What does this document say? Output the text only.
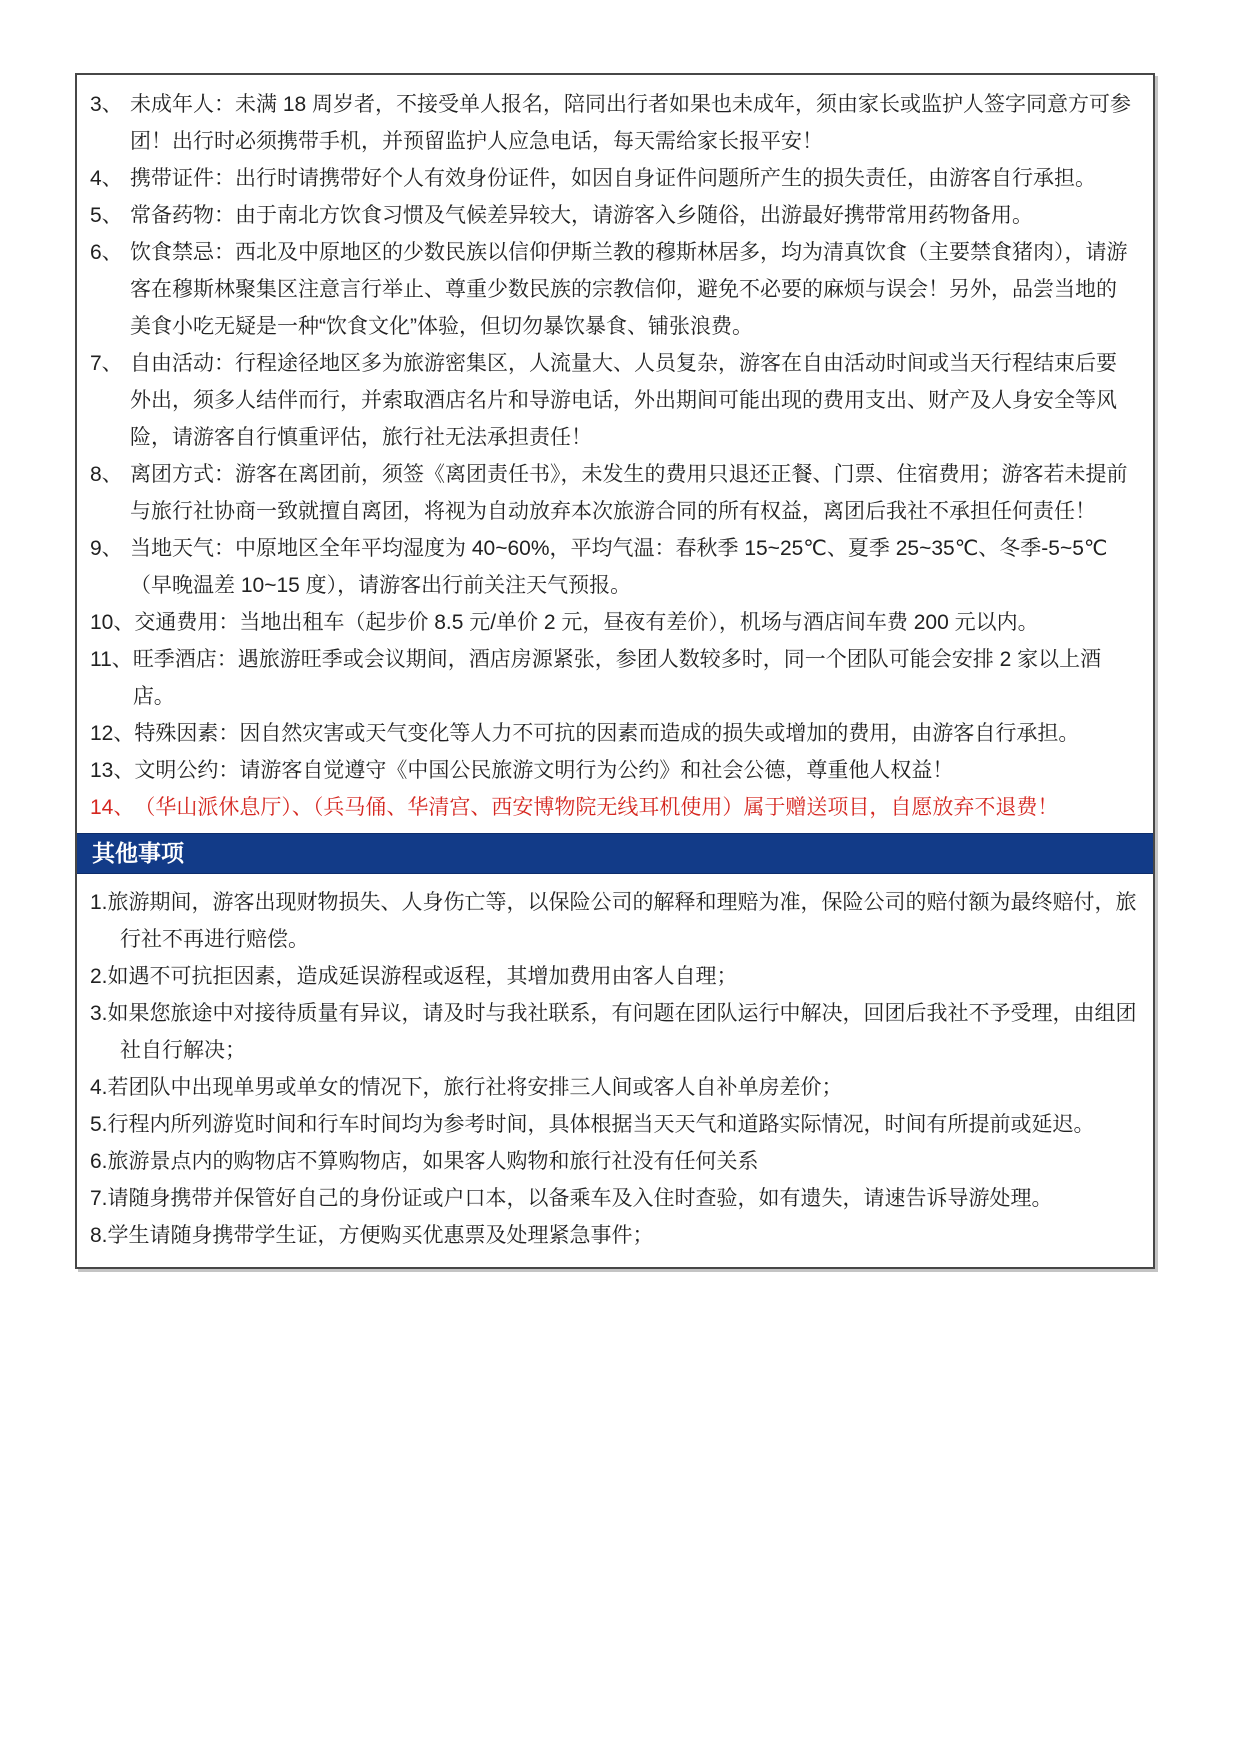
3、 未成年人：未满 18 周岁者，不接受单人报名，陪同出行者如果也未成年，须由家长或监护人签字同意方可参团！出行时必须携带手机，并预留监护人应急电话，每天需给家长报平安！
4、 携带证件：出行时请携带好个人有效身份证件，如因自身证件问题所产生的损失责任，由游客自行承担。
5、 常备药物：由于南北方饮食习惯及气候差异较大，请游客入乡随俗，出游最好携带常用药物备用。
6、 饮食禁忌：西北及中原地区的少数民族以信仰伊斯兰教的穆斯林居多，均为清真饮食（主要禁食猪肉），请游客在穆斯林聚集区注意言行举止、尊重少数民族的宗教信仰，避免不必要的麻烦与误会！另外，品尝当地的美食小吃无疑是一种“饮食文化”体验，但切勿暴饮暴食、铺张浪费。
7、 自由活动：行程途径地区多为旅游密集区，人流量大、人员复杂，游客在自由活动时间或当天行程结束后要外出，须多人结伴而行，并索取酒店名片和导游电话，外出期间可能出现的费用支出、财产及人身安全等风险，请游客自行慎重评估，旅行社无法承担责任！
8、 离团方式：游客在离团前，须签《离团责任书》，未发生的费用只退还正餐、门票、住宿费用；游客若未提前与旅行社协商一致就擅自离团，将视为自动放弃本次旅游合同的所有权益，离团后我社不承担任何责任！
9、 当地天气：中原地区全年平均湿度为 40~60%，平均气温：春秋季 15~25℃、夏季 25~35℃、冬季-5~5℃（早晚温差 10~15 度），请游客出行前关注天气预报。
10、 交通费用：当地出租车（起步价 8.5 元/单价 2 元，昼夜有差价），机场与酒店间车费 200 元以内。
11、 旺季酒店：遇旅游旺季或会议期间，酒店房源紧张，参团人数较多时，同一个团队可能会安排 2 家以上酒店。
12、 特殊因素：因自然灾害或天气变化等人力不可抗的因素而造成的损失或增加的费用，由游客自行承担。
13、 文明公约：请游客自觉遵守《中国公民旅游文明行为公约》和社会公德，尊重他人权益！
14、 （华山派休息厅）、（兵马俑、华清宫、西安博物院无线耳机使用）属于赠送项目，自愿放弃不退费！
其他事项
1.旅游期间，游客出现财物损失、人身伤亡等，以保险公司的解释和理赔为准，保险公司的赔付额为最终赔付，旅行社不再进行赔偿。
2.如遇不可抗拒因素，造成延误游程或返程，其增加费用由客人自理；
3.如果您旅途中对接待质量有异议，请及时与我社联系，有问题在团队运行中解决，回团后我社不予受理，由组团社自行解决；
4.若团队中出现单男或单女的情况下，旅行社将安排三人间或客人自补单房差价；
5.行程内所列游览时间和行车时间均为参考时间，具体根据当天天气和道路实际情况，时间有所提前或延迟。
6.旅游景点内的购物店不算购物店，如果客人购物和旅行社没有任何关系
7.请随身携带并保管好自己的身份证或户口本，以备乘车及入住时查验，如有遗失，请速告诉导游处理。
8.学生请随身携带学生证，方便购买优惠票及处理紧急事件；
